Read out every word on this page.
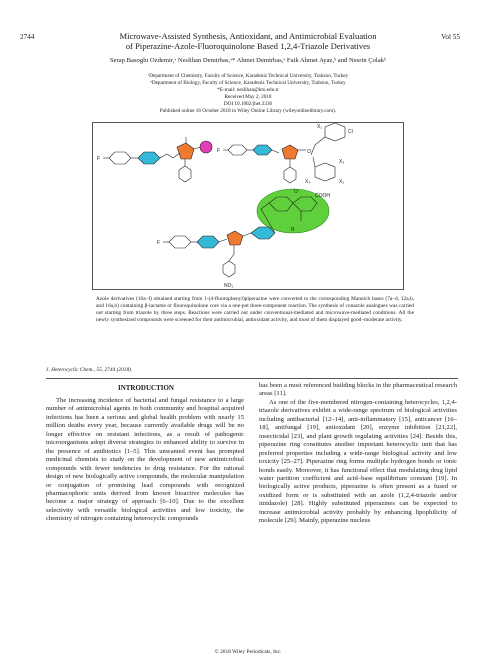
2744	Vol 55
Microwave-Assisted Synthesis, Antioxidant, and Antimicrobial Evaluation
of Piperazine-Azole-Fluoroquinolone Based 1,2,4-Triazole Derivatives
Serap Basoglu Ozdemir,ᵃ Neslihan Demirbas,ᵃ* Ahmet Demirbas,ᵃ Faik Ahmet Ayaz,ᵇ and Nesrin Çolakᵇ
ᵃDepartment of Chemistry, Faculty of Science, Karadeniz Technical University, Trabzon, Turkey
ᵇDepartment of Biology, Faculty of Science, Karadeniz Technical University, Trabzon, Turkey
*E-mail: neslihan@ktu.edu.tr
Received May 2, 2018
DOI 10.1002/jhet.3336
Published online 16 October 2018 in Wiley Online Library (wileyonlinelibrary.com).
F
F
Cl
X₁
O
X₃
X₂
X₄
COOH
O
R
F
NO₂
Azole derivatives (10a–f) obtained starting from 1-(4-fluorophenyl)piperazine were converted to the corresponding Mannich bases (7a–d, 12a,b, and 16a,b) containing β-lactame or flouroquinolone core via a one-pot three-component reaction. The synthesis of conazole analogues was carried out starting from triazole by three steps. Reactions were carried out under conventional-mediated and microwave-mediated conditions. All the newly synthesized compounds were screened for their antimicrobial, antioxidant activity, and most of them displayed good–moderate activity.
J. Heterocyclic Chem., 55, 2744 (2018).
INTRODUCTION
The increasing incidence of bacterial and fungal resistance to a large number of antimicrobial agents in both community and hospital acquired infections has been a serious and global health problem with nearly 15 million deaths every year, because currently available drugs will be no longer effective on resistant infections, as a result of pathogenic microorganisms adopt diverse strategies to enhanced ability to survive in the presence of antibiotics [1–5]. This unwanted event has prompted medicinal chemists to study on the development of new antimicrobial compounds with fewer tendencies to drug resistance. For the rational design of new biologically active compounds, the molecular manipulation or conjugation of promising lead compounds with recognized pharmacophoric units derived from known bioactive molecules has become a major strategy of approach [6–10]. Due to the excellent selectivity with versatile biological activities and low toxicity, the chemistry of nitrogen containing heterocyclic compounds

has been a most referenced building blocks in the pharmaceutical research areas [11].

As one of the five-membered nitrogen-containing heterocycles, 1,2,4-triazole derivatives exhibit a wide-range spectrum of biological activities including antibacterial [12–14], anti-inflammatory [15], anticancer [16–18], antifungal [19], antioxidant [20], enzyme inhibition [21,22], insecticidal [23], and plant growth regulating activities [24]. Beside this, piperazine ring constitutes another important heterocyclic unit that has preferred properties including a wide-range biological activity and low toxicity [25–27]. Piperazine ring forms multiple hydrogen bonds or ionic bonds easily. Moreover, it has functional effect that modulating drug lipid water partition coefficient and acid–base equilibrium constant [19]. In biologically active products, piperazine is often present as a fused or oxidized form or is substituted with an azole (1,2,4-triazole and/or imidazole) [28]. Highly substituted piperazines can be expected to increase antimicrobial activity probably by enhancing lipophilicity of molecule [29]. Mainly, piperazine nucleus

© 2018 Wiley Periodicals, Inc.
